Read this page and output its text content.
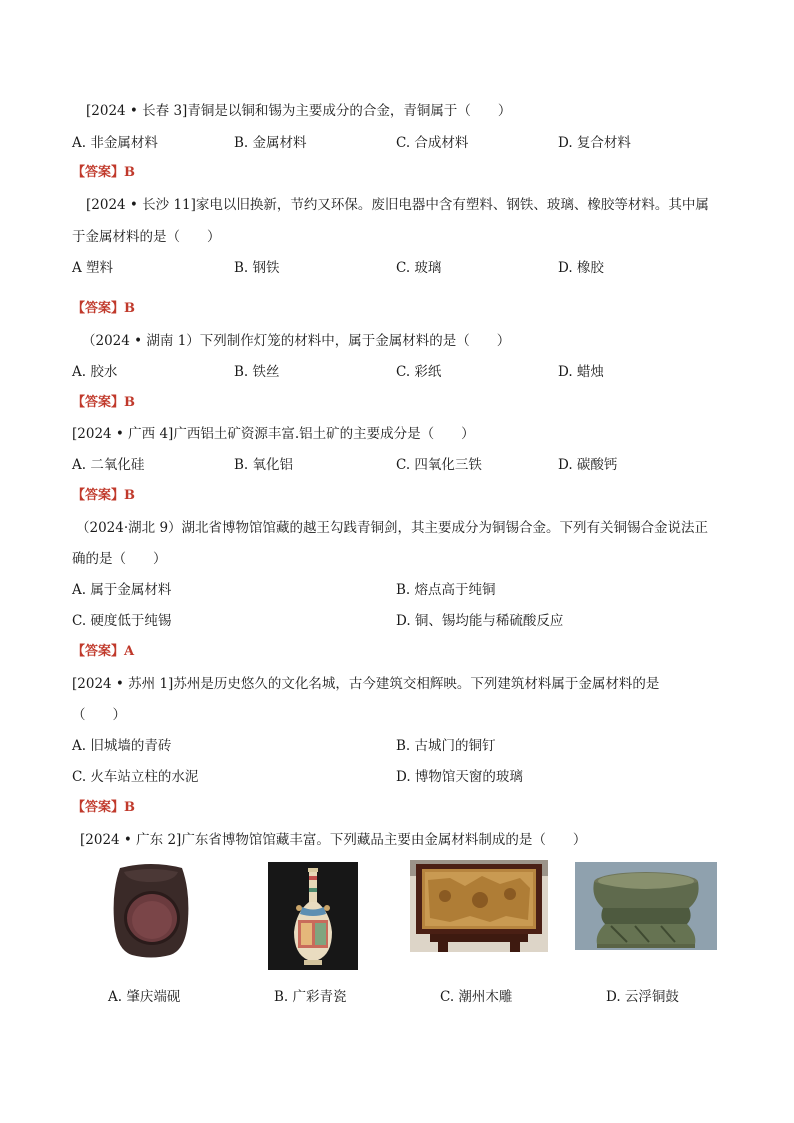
[2024 • 长春 3]青铜是以铜和锡为主要成分的合金，青铜属于（　　）
A. 非金属材料	B. 金属材料	C. 合成材料	D. 复合材料
【答案】B
[2024 • 长沙 11]家电以旧换新，节约又环保。废旧电器中含有塑料、钢铁、玻璃、橡胶等材料。其中属
于金属材料的是（　　）
A 塑料	B. 钢铁	C. 玻璃	D. 橡胶
【答案】B
（2024 • 湖南 1）下列制作灯笼的材料中，属于金属材料的是（　　）
A. 胶水	B. 铁丝	C. 彩纸	D. 蜡烛
【答案】B
[2024 • 广西 4]广西铝土矿资源丰富.铝土矿的主要成分是（　　）
A. 二氧化硅	B. 氧化铝	C. 四氧化三铁	D. 碳酸钙
【答案】B
（2024·湖北 9）湖北省博物馆馆藏的越王勾践青铜剑，其主要成分为铜锡合金。下列有关铜锡合金说法正
确的是（　　）
A. 属于金属材料	B. 熔点高于纯铜
C. 硬度低于纯锡	D. 铜、锡均能与稀硫酸反应
【答案】A
[2024 • 苏州 1]苏州是历史悠久的文化名城，古今建筑交相辉映。下列建筑材料属于金属材料的是
（　　）
A. 旧城墙的青砖	B. 古城门的铜钉
C. 火车站立柱的水泥	D. 博物馆天窗的玻璃
【答案】B
[2024 • 广东 2]广东省博物馆馆藏丰富。下列藏品主要由金属材料制成的是（　　）
A. 肇庆端砚	B. 广彩青瓷	C. 潮州木雕	D. 云浮铜鼓
